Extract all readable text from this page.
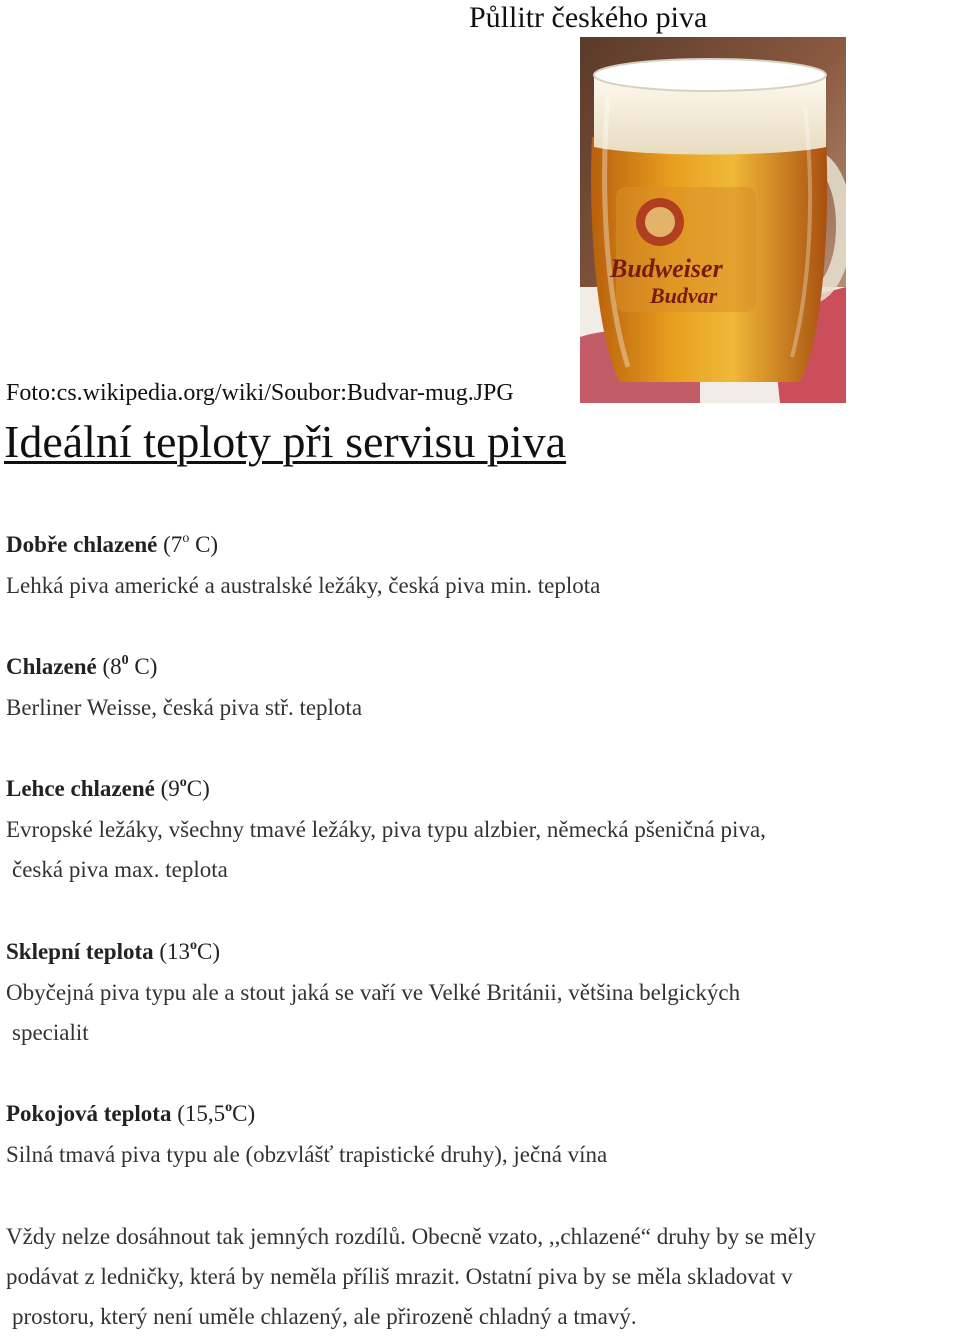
Půllitr českého piva
Budweiser
Budvar
Foto:cs.wikipedia.org/wiki/Soubor:Budvar-mug.JPG
Ideální teploty při servisu piva
Dobře chlazené (7$^o$ C)
Lehká piva americké a australské ležáky, česká piva min. teplota
Chlazené ($8^0$ C)
Berliner Weisse, česká piva stř. teplota
Lehce chlazené (9$^o$C)
Evropské ležáky, všechny tmavé ležáky, piva typu alzbier, německá pšeničná piva,
česká piva max. teplota
Sklepní teplota (13$^o$C)
Obyčejná piva typu ale a stout jaká se vaří ve Velké Británii, většina belgických
specialit
Pokojová teplota (15,5$^o$C)
Silná tmavá piva typu ale (obzvlášť trapistické druhy), ječná vína
Vždy nelze dosáhnout tak jemných rozdílů. Obecně vzato, ,,chlazené“ druhy by se měly
podávat z ledničky, která by neměla příliš mrazit. Ostatní piva by se měla skladovat v
prostoru, který není uměle chlazený, ale přirozeně chladný a tmavý.
